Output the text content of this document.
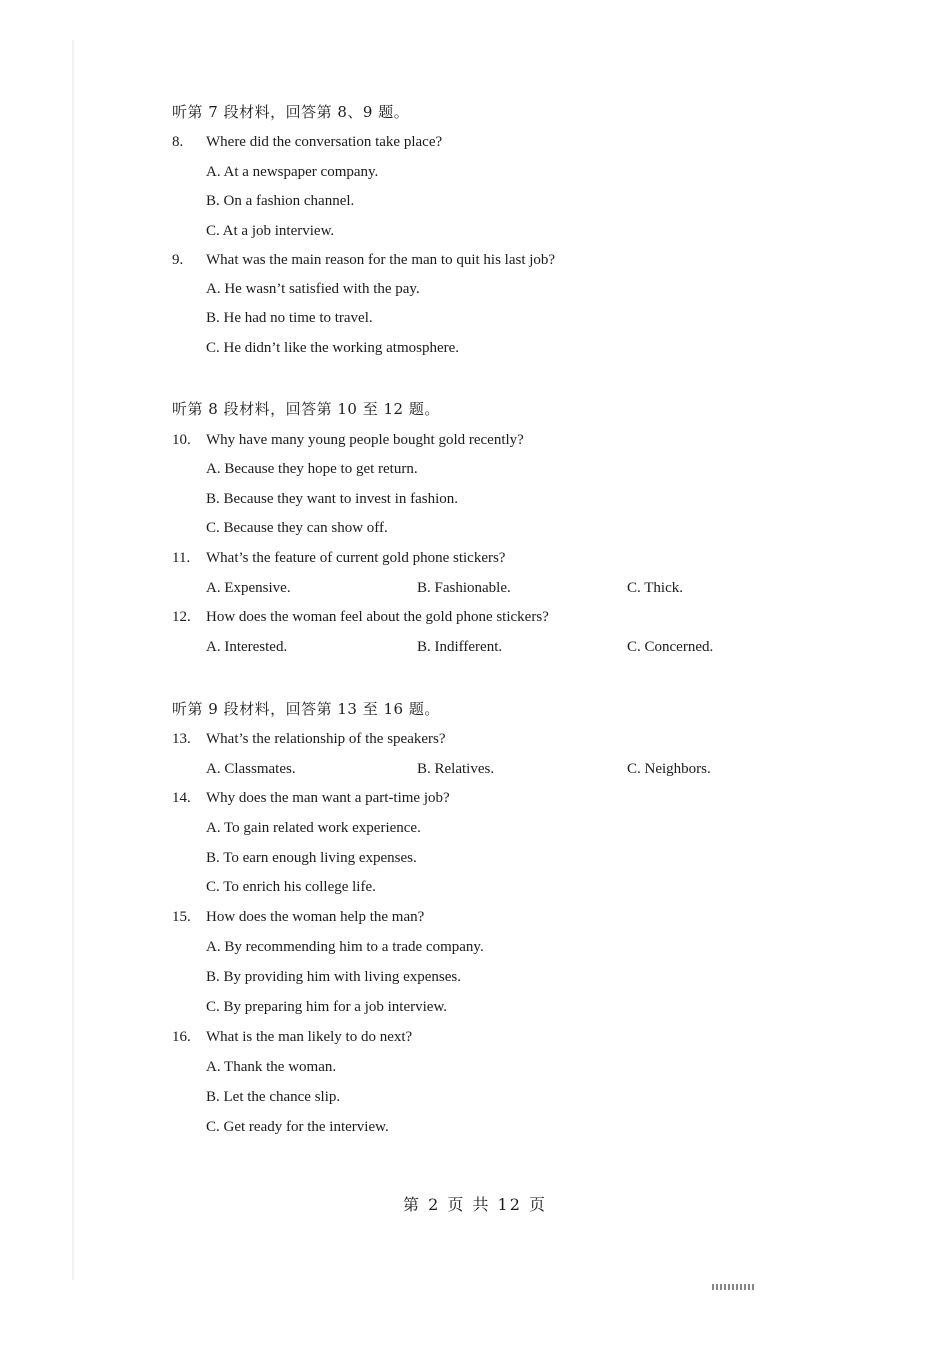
听第 7 段材料，回答第 8、9 题。
8. Where did the conversation take place?
A. At a newspaper company.
B. On a fashion channel.
C. At a job interview.
9. What was the main reason for the man to quit his last job?
A. He wasn’t satisfied with the pay.
B. He had no time to travel.
C. He didn’t like the working atmosphere.
听第 8 段材料，回答第 10 至 12 题。
10. Why have many young people bought gold recently?
A. Because they hope to get return.
B. Because they want to invest in fashion.
C. Because they can show off.
11. What’s the feature of current gold phone stickers?
A. Expensive.	B. Fashionable.	C. Thick.
12. How does the woman feel about the gold phone stickers?
A. Interested.	B. Indifferent.	C. Concerned.
听第 9 段材料，回答第 13 至 16 题。
13. What’s the relationship of the speakers?
A. Classmates.	B. Relatives.	C. Neighbors.
14. Why does the man want a part-time job?
A. To gain related work experience.
B. To earn enough living expenses.
C. To enrich his college life.
15. How does the woman help the man?
A. By recommending him to a trade company.
B. By providing him with living expenses.
C. By preparing him for a job interview.
16. What is the man likely to do next?
A. Thank the woman.
B. Let the chance slip.
C. Get ready for the interview.
第 2 页 共 12 页
